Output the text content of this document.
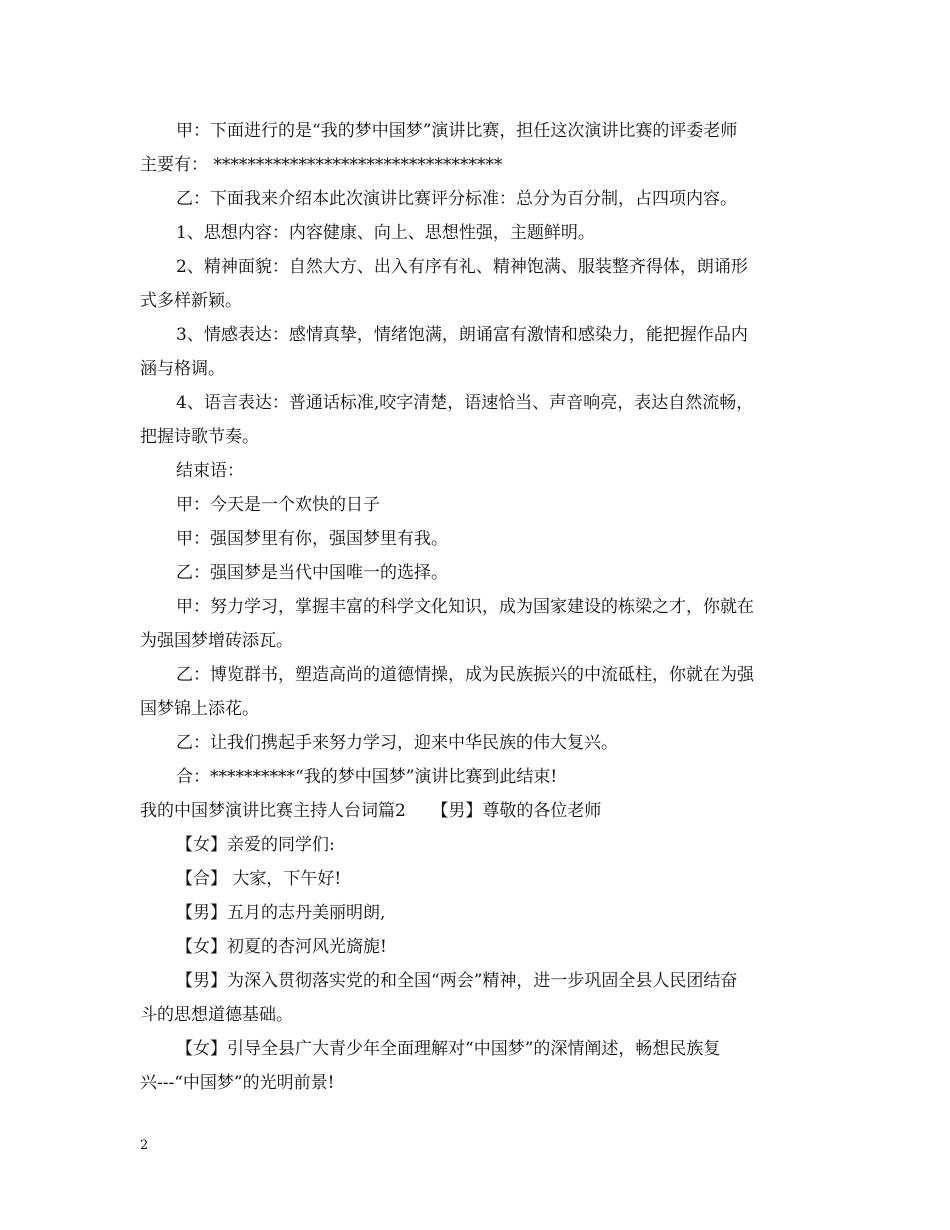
甲：下面进行的是“我的梦中国梦”演讲比赛，担任这次演讲比赛的评委老师
主要有： **********************************
乙：下面我来介绍本此次演讲比赛评分标准：总分为百分制，占四项内容。
1、思想内容：内容健康、向上、思想性强，主题鲜明。
2、精神面貌：自然大方、出入有序有礼、精神饱满、服装整齐得体，朗诵形
式多样新颖。
3、情感表达：感情真挚，情绪饱满，朗诵富有激情和感染力，能把握作品内
涵与格调。
4、语言表达：普通话标准,咬字清楚，语速恰当、声音响亮，表达自然流畅，
把握诗歌节奏。
结束语：
甲：今天是一个欢快的日子
甲：强国梦里有你，强国梦里有我。
乙：强国梦是当代中国唯一的选择。
甲：努力学习，掌握丰富的科学文化知识，成为国家建设的栋梁之才，你就在
为强国梦增砖添瓦。
乙：博览群书，塑造高尚的道德情操，成为民族振兴的中流砥柱，你就在为强
国梦锦上添花。
乙：让我们携起手来努力学习，迎来中华民族的伟大复兴。
合：**********“我的梦中国梦”演讲比赛到此结束!
我的中国梦演讲比赛主持人台词篇2　　【男】尊敬的各位老师
【女】亲爱的同学们:
【合】 大家，下午好!
【男】五月的志丹美丽明朗,
【女】初夏的杏河风光旖旎!
【男】为深入贯彻落实党的和全国“两会”精神，进一步巩固全县人民团结奋
斗的思想道德基础。
【女】引导全县广大青少年全面理解对“中国梦”的深情阐述，畅想民族复
兴---“中国梦”的光明前景!
2
